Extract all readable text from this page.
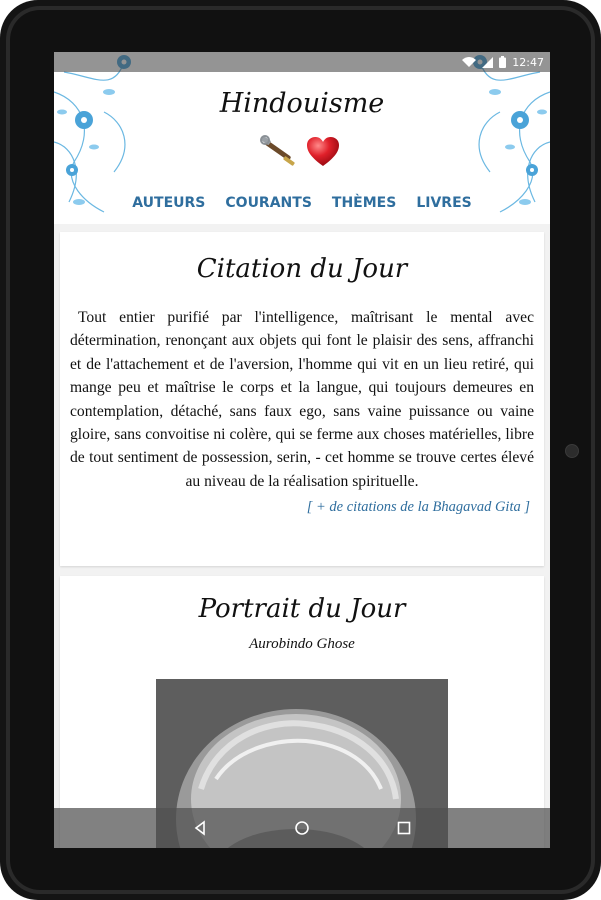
Hindouisme
AUTEURS COURANTS THÈMES LIVRES
12:47
Citation du Jour
Tout entier purifié par l'intelligence, maîtrisant le mental avec détermination, renonçant aux objets qui font le plaisir des sens, affranchi et de l'attachement et de l'aversion, l'homme qui vit en un lieu retiré, qui mange peu et maîtrise le corps et la langue, qui toujours demeures en contemplation, détaché, sans faux ego, sans vaine puissance ou vaine gloire, sans convoitise ni colère, qui se ferme aux choses matérielles, libre de tout sentiment de possession, serin, - cet homme se trouve certes élevé au niveau de la réalisation spirituelle.
[ + de citations de la Bhagavad Gita ]
Portrait du Jour
Aurobindo Ghose
